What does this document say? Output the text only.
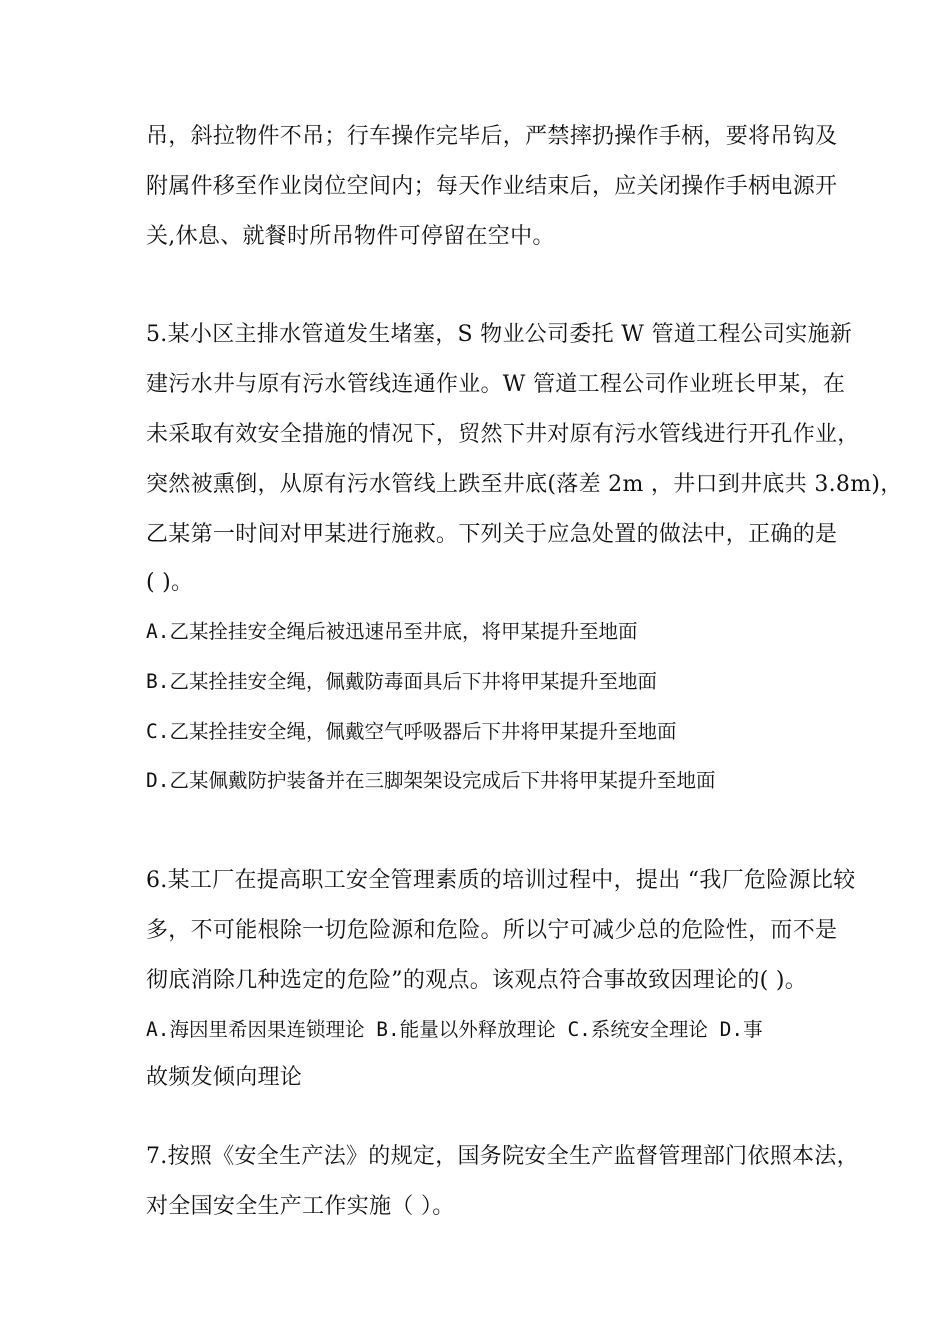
吊，斜拉物件不吊；行车操作完毕后，严禁摔扔操作手柄，要将吊钩及
附属件移至作业岗位空间内；每天作业结束后，应关闭操作手柄电源开
关,休息、就餐时所吊物件可停留在空中。
5.某小区主排水管道发生堵塞，S 物业公司委托 W 管道工程公司实施新
建污水井与原有污水管线连通作业。W 管道工程公司作业班长甲某，在
未采取有效安全措施的情况下，贸然下井对原有污水管线进行开孔作业，
突然被熏倒，从原有污水管线上跌至井底(落差 2m ，井口到井底共 3.8m)，
乙某第一时间对甲某进行施救。下列关于应急处置的做法中，正确的是
( )。
A.乙某拴挂安全绳后被迅速吊至井底，将甲某提升至地面
B.乙某拴挂安全绳，佩戴防毒面具后下井将甲某提升至地面
C.乙某拴挂安全绳，佩戴空气呼吸器后下井将甲某提升至地面
D.乙某佩戴防护装备并在三脚架架设完成后下井将甲某提升至地面
6.某工厂在提高职工安全管理素质的培训过程中，提出 “我厂危险源比较
多，不可能根除一切危险源和危险。所以宁可减少总的危险性，而不是
彻底消除几种选定的危险”的观点。该观点符合事故致因理论的( )。
A.海因里希因果连锁理论 B.能量以外释放理论 C.系统安全理论 D.事
故频发倾向理论
7.按照《安全生产法》的规定，国务院安全生产监督管理部门依照本法，
对全国安全生产工作实施（ ）。
